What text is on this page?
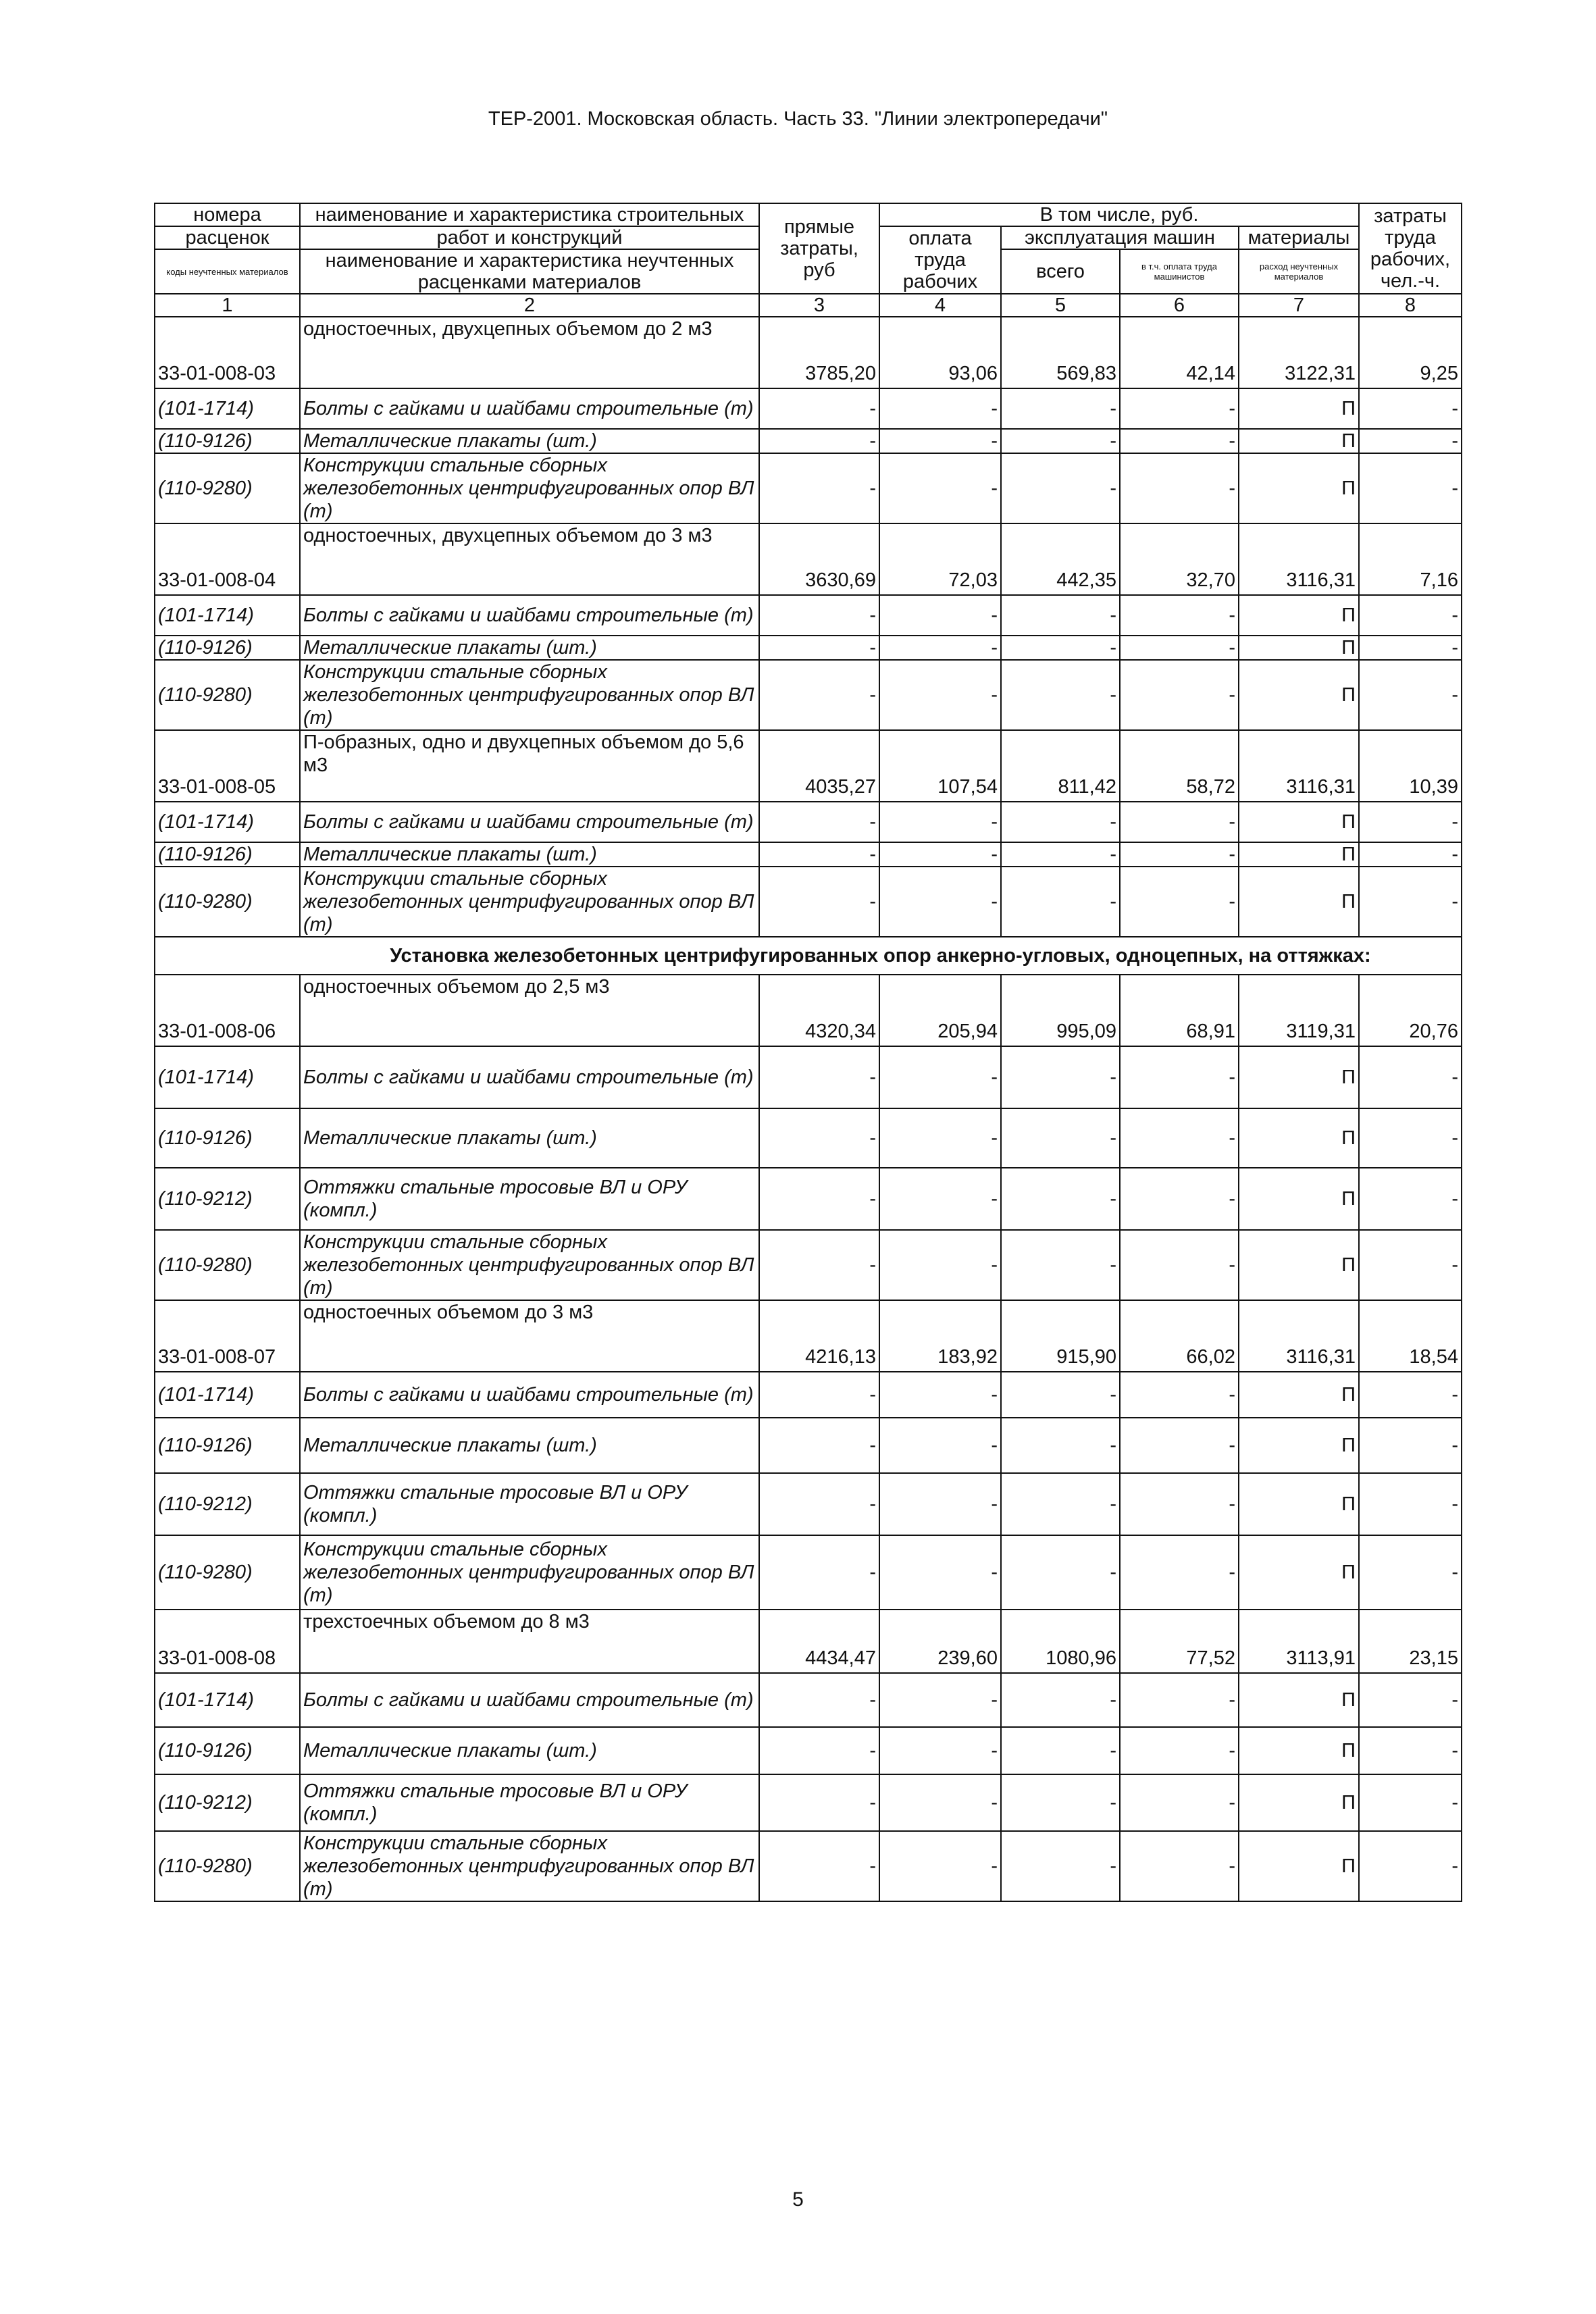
ТЕР-2001. Московская область. Часть 33. "Линии электропередачи"
номера	наименование и характеристика строительных	прямые затраты, руб	В том числе, руб.				затраты труда рабочих, чел.-ч.
расценок	работ и конструкций		оплата труда рабочих	эксплуатация машин		материалы	

коды неучтенных материалов	наименование и характеристика неучтенных			всего	в т.ч. оплата труда машинистов	расход неучтенных материалов	

	расценками материалов						
1	2	3	4	5	6	7	8
33-01-008-03	одностоечных, двухцепных объемом до 2 м3	3785,20	93,06	569,83	42,14	3122,31	9,25
(101-1714)	Болты с гайками и шайбами строительные (т)	-	-	-	-	П	-
(110-9126)	Металлические плакаты (шт.)	-	-	-	-	П	-
(110-9280)	Конструкции стальные сборных железобетонных центрифугированных опор ВЛ (т)	-	-	-	-	П	-
33-01-008-04	одностоечных, двухцепных объемом до 3 м3	3630,69	72,03	442,35	32,70	3116,31	7,16
(101-1714)	Болты с гайками и шайбами строительные (т)	-	-	-	-	П	-
(110-9126)	Металлические плакаты (шт.)	-	-	-	-	П	-
(110-9280)	Конструкции стальные сборных железобетонных центрифугированных опор ВЛ (т)	-	-	-	-	П	-
33-01-008-05	П-образных, одно и двухцепных объемом до 5,6 м3	4035,27	107,54	811,42	58,72	3116,31	10,39
(101-1714)	Болты с гайками и шайбами строительные (т)	-	-	-	-	П	-
(110-9126)	Металлические плакаты (шт.)	-	-	-	-	П	-
(110-9280)	Конструкции стальные сборных железобетонных центрифугированных опор ВЛ (т)	-	-	-	-	П	-
	Установка железобетонных центрифугированных опор анкерно-угловых, одноцепных, на оттяжках:						
33-01-008-06	одностоечных объемом до 2,5 м3	4320,34	205,94	995,09	68,91	3119,31	20,76
(101-1714)	Болты с гайками и шайбами строительные (т)	-	-	-	-	П	-
(110-9126)	Металлические плакаты (шт.)	-	-	-	-	П	-
(110-9212)	Оттяжки стальные тросовые ВЛ и ОРУ (компл.)	-	-	-	-	П	-
(110-9280)	Конструкции стальные сборных железобетонных центрифугированных опор ВЛ (т)	-	-	-	-	П	-
33-01-008-07	одностоечных объемом до 3 м3	4216,13	183,92	915,90	66,02	3116,31	18,54
(101-1714)	Болты с гайками и шайбами строительные (т)	-	-	-	-	П	-
(110-9126)	Металлические плакаты (шт.)	-	-	-	-	П	-
(110-9212)	Оттяжки стальные тросовые ВЛ и ОРУ (компл.)	-	-	-	-	П	-
(110-9280)	Конструкции стальные сборных железобетонных центрифугированных опор ВЛ (т)	-	-	-	-	П	-
33-01-008-08	трехстоечных объемом до 8 м3	4434,47	239,60	1080,96	77,52	3113,91	23,15
(101-1714)	Болты с гайками и шайбами строительные (т)	-	-	-	-	П	-
(110-9126)	Металлические плакаты (шт.)	-	-	-	-	П	-
(110-9212)	Оттяжки стальные тросовые ВЛ и ОРУ (компл.)	-	-	-	-	П	-
(110-9280)	Конструкции стальные сборных железобетонных центрифугированных опор ВЛ (т)	-	-	-	-	П	-
5
